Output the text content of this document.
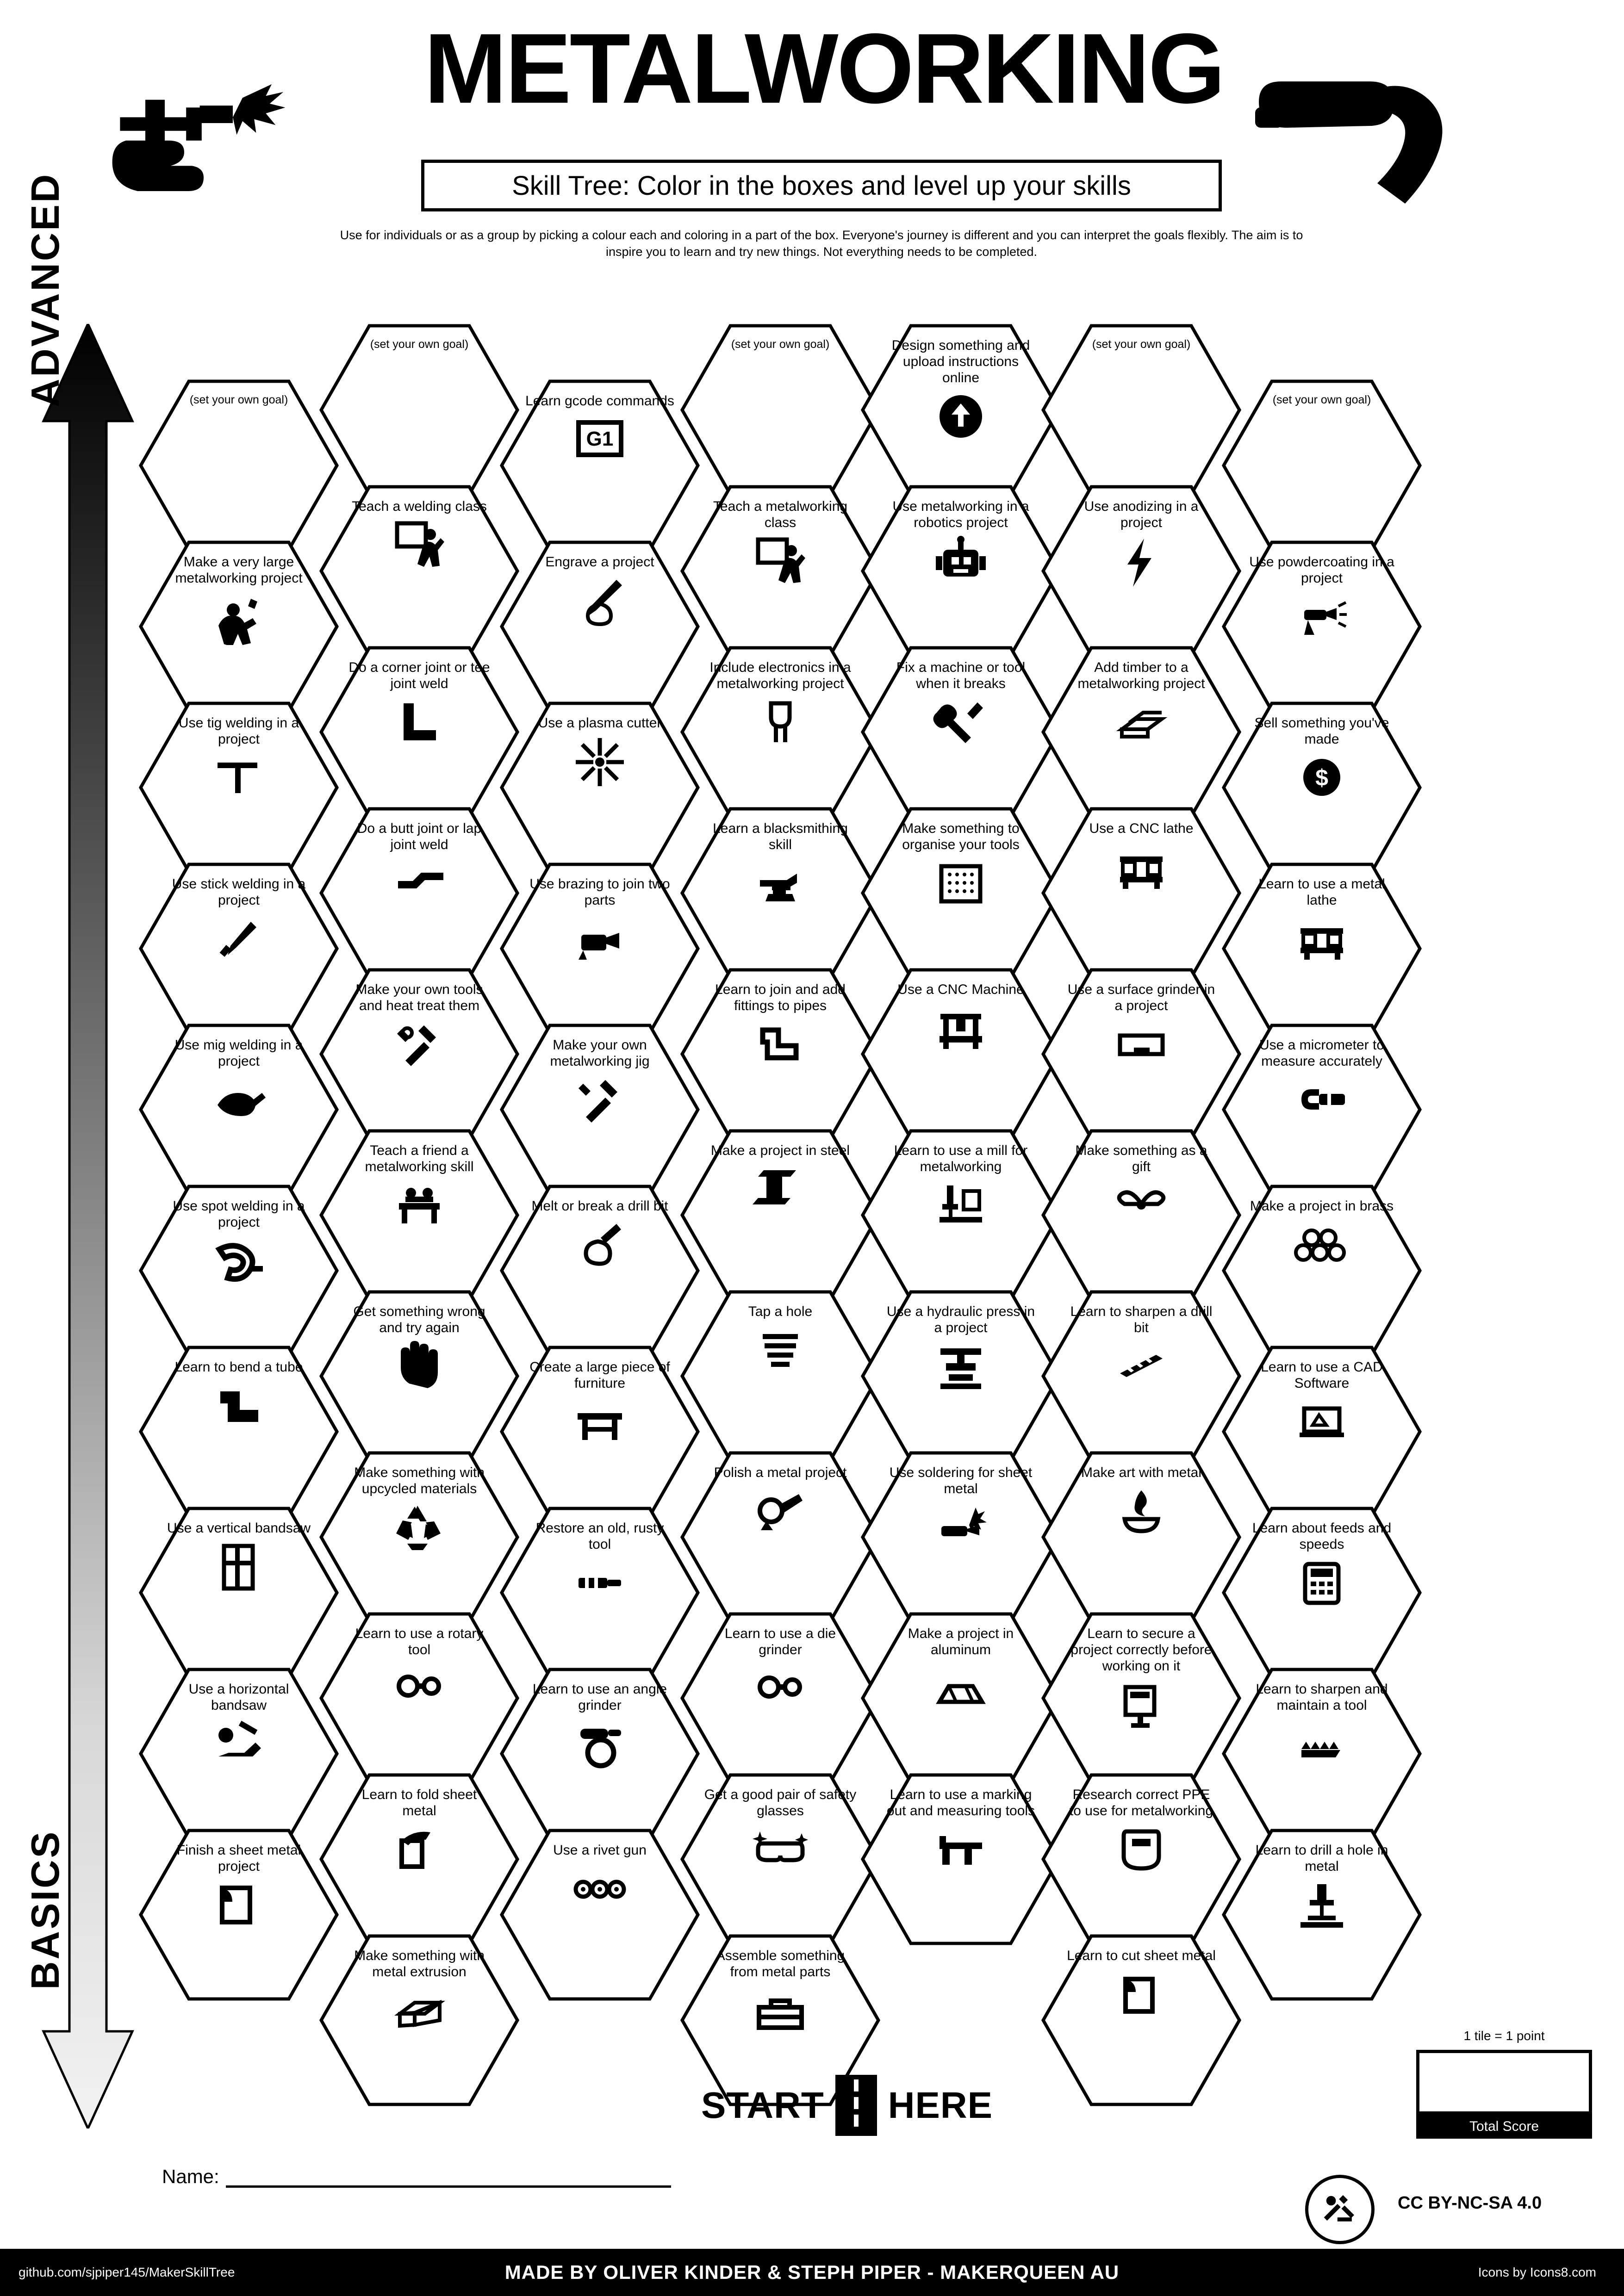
METALWORKING
Skill Tree: Color in the boxes and level up your skills
Use for individuals or as a group by picking a colour each and coloring in a part of the box. Everyone's journey is different and you can interpret the goals flexibly. The aim is to inspire you to learn and try new things. Not everything needs to be completed.
ADVANCED
BASICS
(set your own goal)
Make a very large metalworking project
Use tig welding in a project
Use stick welding in a project
Use mig welding in a project
Use spot welding in a project
Learn to bend a tube
Use a vertical bandsaw
Use a horizontal bandsaw
Finish a sheet metal project
(set your own goal)
Teach a welding class
Do a corner joint or tee joint weld
Do a butt joint or lap joint weld
Make your own tools and heat treat them
Teach a friend a metalworking skill
Get something wrong and try again
Make something with upcycled materials
Learn to use a rotary tool
Learn to fold sheet metal
Make something with metal extrusion
Learn gcode commands
G1
Engrave a project
Use a plasma cutter
Use brazing to join two parts
Make your own metalworking jig
Melt or break a drill bit
Create a large piece of furniture
Restore an old, rusty tool
Learn to use an angle grinder
Use a rivet gun
(set your own goal)
Teach a metalworking class
Include electronics in a metalworking project
Learn a blacksmithing skill
Learn to join and add fittings to pipes
Make a project in steel
Tap a hole
Polish a metal project
Learn to use a die grinder
Get a good pair of safety glasses
Assemble something from metal parts
Design something and upload instructions online
Use metalworking in a robotics project
Fix a machine or tool when it breaks
Make something to organise your tools
Use a CNC Machine
Learn to use a mill for metalworking
Use a hydraulic press in a project
Use soldering for sheet metal
Make a project in aluminum
Learn to use a marking out and measuring tools
(set your own goal)
Use anodizing in a project
Add timber to a metalworking project
Use a CNC lathe
Use a surface grinder in a project
Make something as a gift
Learn to sharpen a drill bit
Make art with metal
Learn to secure a project correctly before working on it
Research correct PPE to use for metalworking
Learn to cut sheet metal
(set your own goal)
Use powdercoating in a project
Sell something you've made
$
Learn to use a metal lathe
Use a micrometer to measure accurately
Make a project in brass
Learn to use a CAD Software
Learn about feeds and speeds
Learn to sharpen and maintain a tool
Learn to drill a hole in metal
START HERE
1 tile = 1 point
Total Score
Name:
CC BY-NC-SA 4.0
github.com/sjpiper145/MakerSkillTree	MADE BY OLIVER KINDER & STEPH PIPER - MAKERQUEEN AU	Icons by Icons8.com
